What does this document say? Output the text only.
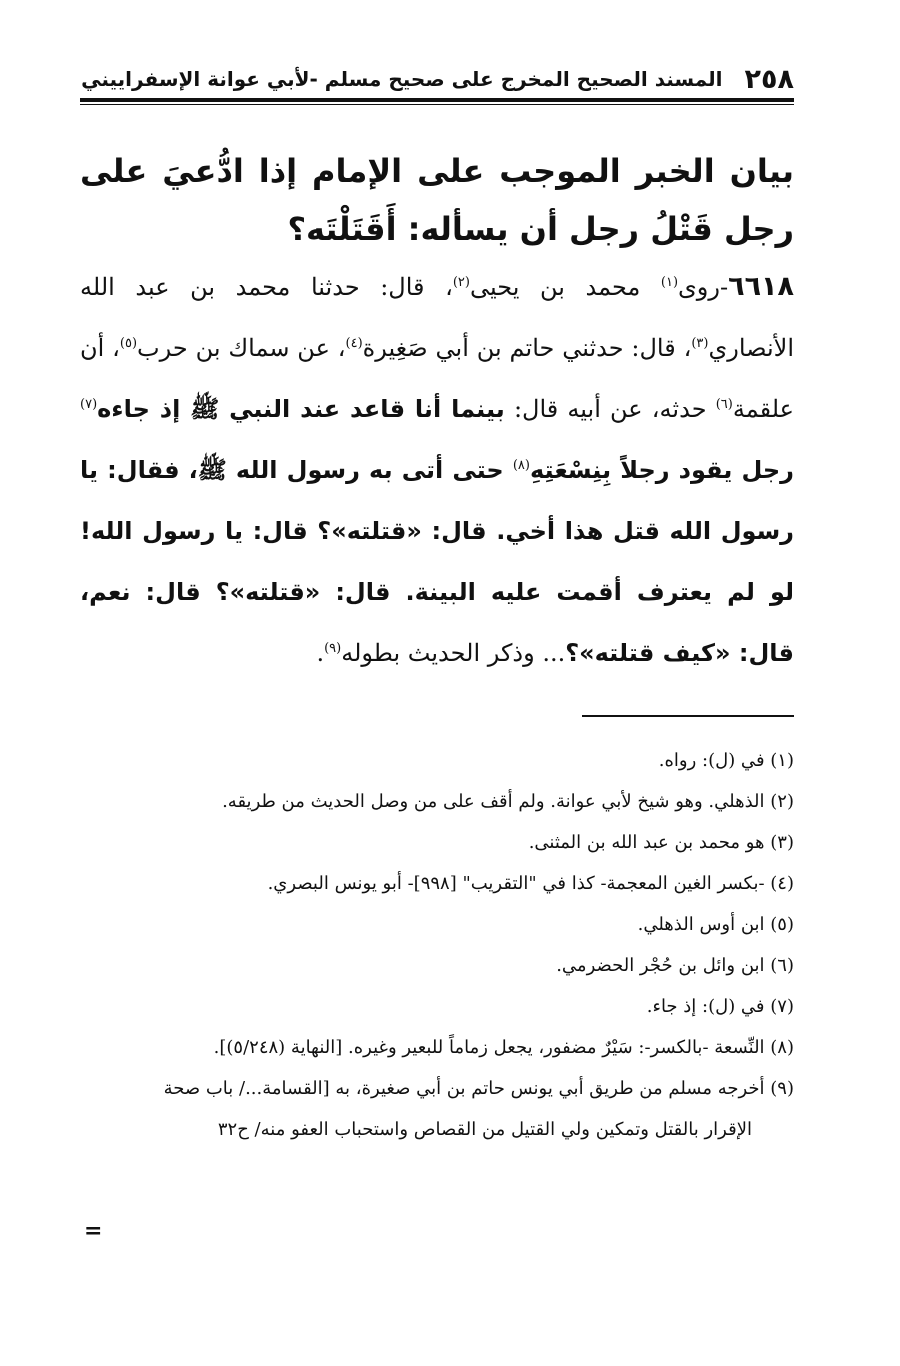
٢٥٨
المسند الصحيح المخرج على صحيح مسلم -لأبي عوانة الإسفراييني
بيان الخبر الموجب على الإمام إذا ادُّعيَ على رجل قَتْلُ رجل أن يسأله: أَقَتَلْتَه؟

٦٦١٨-روى$^{(١)}$ محمد بن يحيى$^{(٢)}$، قال: حدثنا محمد بن عبد الله الأنصاري$^{(٣)}$، قال: حدثني حاتم بن أبي صَغِيرة$^{(٤)}$، عن سماك بن حرب$^{(٥)}$، أن علقمة$^{(٦)}$ حدثه، عن أبيه قال: بينما أنا قاعد عند النبي ﷺ إذ جاءه$^{(٧)}$ رجل يقود رجلاً بِنِسْعَتِهِ$^{(٨)}$ حتى أتى به رسول الله ﷺ، فقال: يا رسول الله قتل هذا أخي. قال: «قتلته»؟ قال: يا رسول الله! لو لم يعترف أقمت عليه البينة. قال: «قتلته»؟ قال: نعم، قال: «كيف قتلته»؟... وذكر الحديث بطوله$^{(٩)}$.

(١) في (ل): رواه.

(٢) الذهلي. وهو شيخ لأبي عوانة. ولم أقف على من وصل الحديث من طريقه.

(٣) هو محمد بن عبد الله بن المثنى.

(٤) -بكسر الغين المعجمة- كذا في "التقريب" [٩٩٨]- أبو يونس البصري.

(٥) ابن أوس الذهلي.

(٦) ابن وائل بن حُجْر الحضرمي.

(٧) في (ل): إذ جاء.

(٨) النِّسعة -بالكسر-: سَيْرٌ مضفور، يجعل زماماً للبعير وغيره. [النهاية (٥/٢٤٨)].

(٩) أخرجه مسلم من طريق أبي يونس حاتم بن أبي صغيرة، به [القسامة.../ باب صحة

الإقرار بالقتل وتمكين ولي القتيل من القصاص واستحباب العفو منه/ ح٣٢

=
